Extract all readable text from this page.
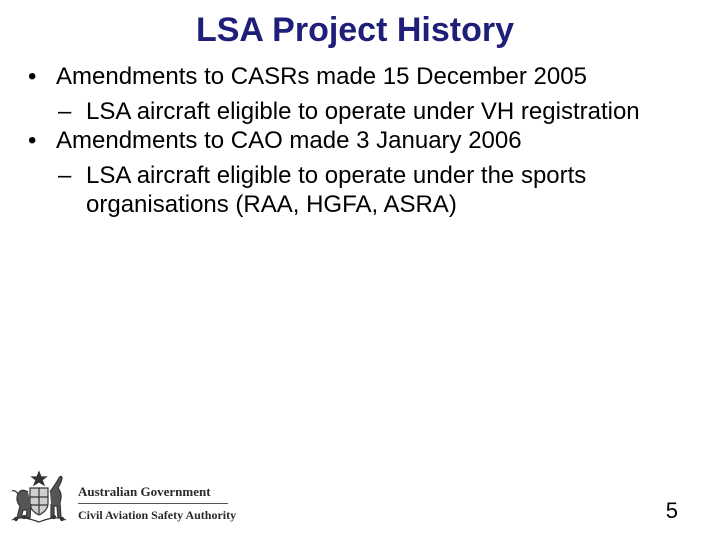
LSA Project History
• Amendments to CASRs made 15 December 2005
– LSA aircraft eligible to operate under VH registration
• Amendments to CAO made 3 January 2006
– LSA aircraft eligible to operate under the sports organisations (RAA, HGFA, ASRA)
Australian Government
Civil Aviation Safety Authority	5
